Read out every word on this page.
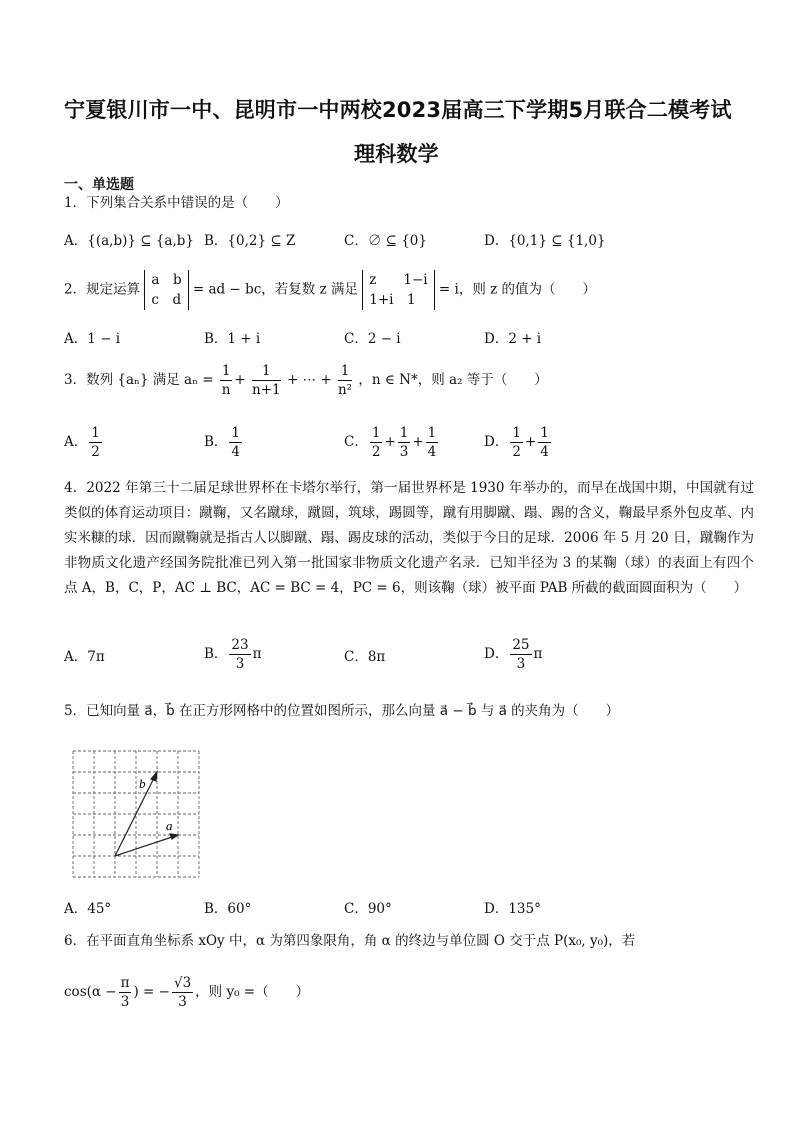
宁夏银川市一中、昆明市一中两校2023届高三下学期5月联合二模考试
理科数学
一、单选题
1．下列集合关系中错误的是（　　）
A．{(a,b)} ⊆ {a,b} B．{0,2} ⊆ Z	C．∅ ⊆ {0}	D．{0,1} ⊆ {1,0}
2．规定运算
a　b
c　d
= ad − bc，若复数 z 满足
z　　1−i
1+i　1
= i，则 z 的值为（　　）
A．1 − i	B．1 + i	C．2 − i	D．2 + i
3．数列 {aₙ} 满足 $a_n = \frac{1}{n} + \frac{1}{n+1}$ + ⋯ + $\frac{1}{\text{n²}}$ ，n ∈ N*，则 a₂ 等于（　　）
A． $\frac{1}{2}$	B． $\frac{1}{4}$	C． $\frac{1}{2} + \frac{1}{3} + \frac{1}{4}$	D． $\frac{1}{2} + \frac{1}{4}$
4．2022 年第三十二届足球世界杯在卡塔尔举行，第一届世界杯是 1930 年举办的，而早在战国中期，中国就有过类似的体育运动项目：蹴鞠，又名蹴球，蹴圆，筑球，踢圆等，蹴有用脚蹴、蹋、踢的含义，鞠最早系外包皮革、内实米糠的球．因而蹴鞠就是指古人以脚蹴、蹋、踢皮球的活动，类似于今日的足球．2006 年 5 月 20 日，蹴鞠作为非物质文化遗产经国务院批准已列入第一批国家非物质文化遗产名录．已知半径为 3 的某鞠（球）的表面上有四个点 A，B，C，P，AC ⊥ BC，AC = BC = 4，PC = 6，则该鞠（球）被平面 PAB 所截的截面圆面积为（　　）
A．7π	B． $\frac{23}{3}$ π	C．8π	D． $\frac{25}{3}$ π
5．已知向量 a⃗，b⃗ 在正方形网格中的位置如图所示，那么向量 a⃗ − b⃗ 与 a⃗ 的夹角为（　　）
b
a
A．45°	B．60°	C．90°	D．135°
6．在平面直角坐标系 xOy 中，α 为第四象限角，角 α 的终边与单位圆 O 交于点 P(x₀, y₀)，若
$\cos(\alpha - \frac{\pi}{3}$ ) = − $\frac{√3}{3}$ ，则 y₀ =（　　）
